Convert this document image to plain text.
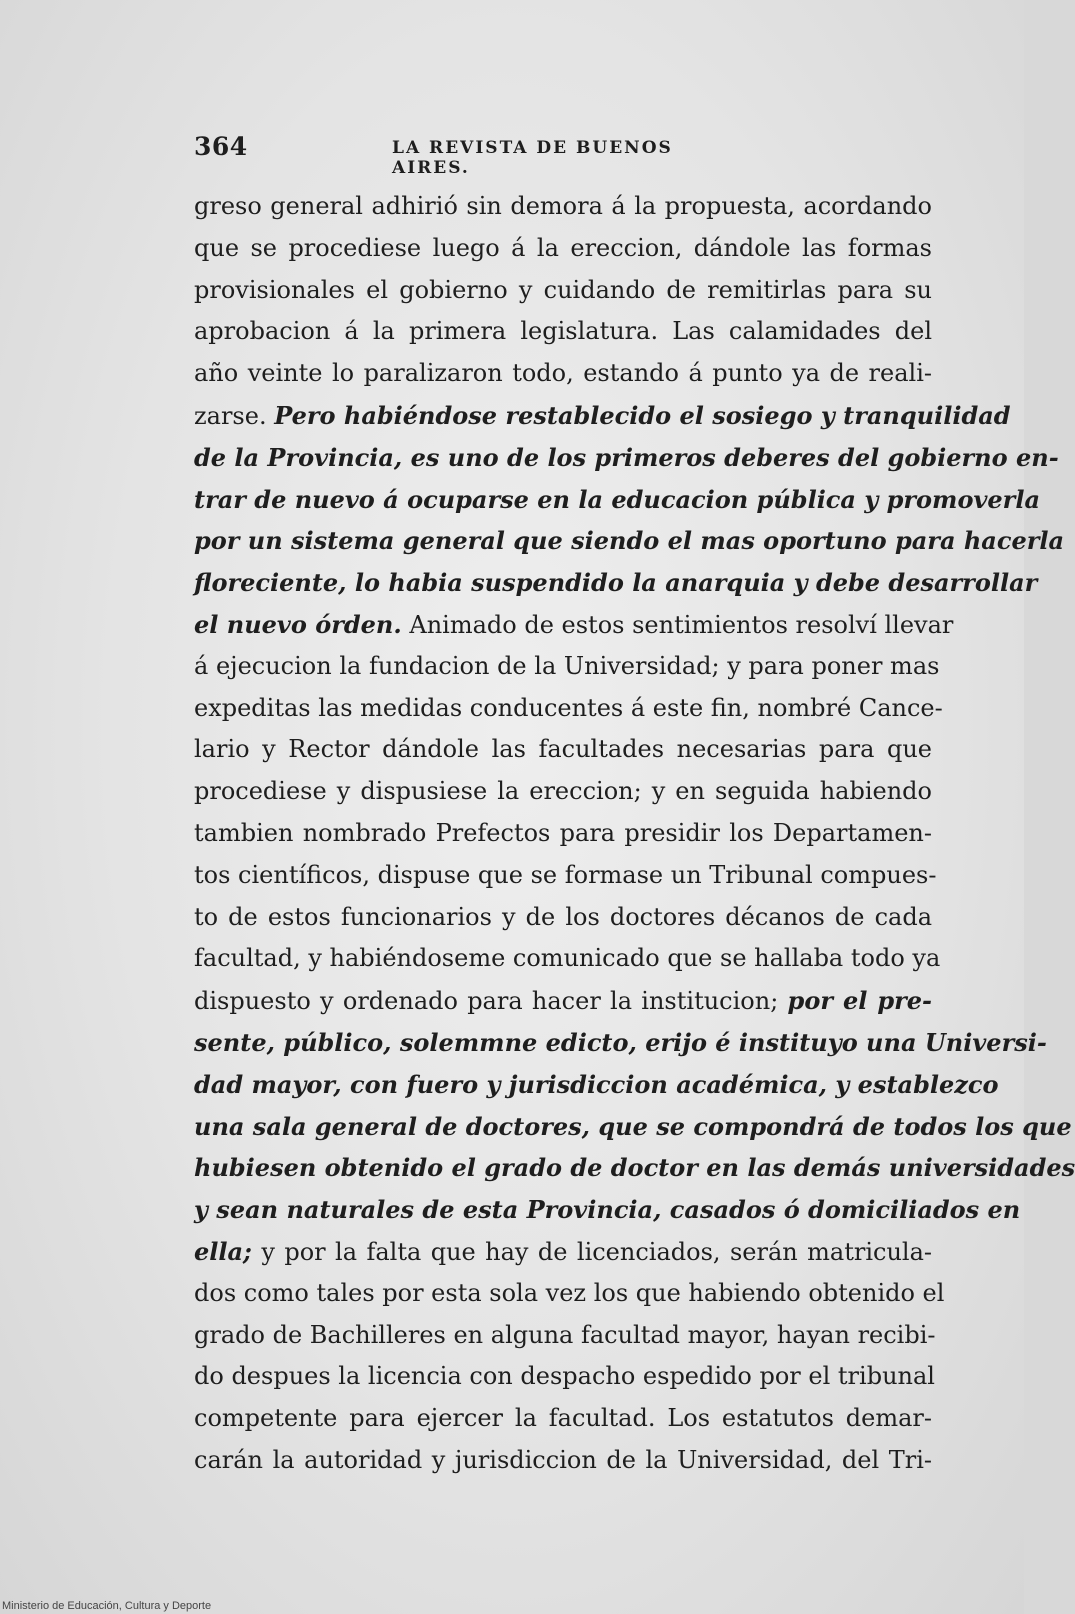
364	LA REVISTA DE BUENOS AIRES.
greso general adhirió sin demora á la propuesta, acordando
que se procediese luego á la ereccion, dándole las formas
provisionales el gobierno y cuidando de remitirlas para su
aprobacion á la primera legislatura. Las calamidades del
año veinte lo paralizaron todo, estando á punto ya de reali-
zarse. Pero habiéndose restablecido el sosiego y tranquilidad
de la Provincia, es uno de los primeros deberes del gobierno en-
trar de nuevo á ocuparse en la educacion pública y promoverla
por un sistema general que siendo el mas oportuno para hacerla
floreciente, lo habia suspendido la anarquia y debe desarrollar
el nuevo órden. Animado de estos sentimientos resolví llevar
á ejecucion la fundacion de la Universidad; y para poner mas
expeditas las medidas conducentes á este fin, nombré Cance-
lario y Rector dándole las facultades necesarias para que
procediese y dispusiese la ereccion; y en seguida habiendo
tambien nombrado Prefectos para presidir los Departamen-
tos científicos, dispuse que se formase un Tribunal compues-
to de estos funcionarios y de los doctores décanos de cada
facultad, y habiéndoseme comunicado que se hallaba todo ya
dispuesto y ordenado para hacer la institucion; por el pre-
sente, público, solemmne edicto, erijo é instituyo una Universi-
dad mayor, con fuero y jurisdiccion académica, y establezco
una sala general de doctores, que se compondrá de todos los que
hubiesen obtenido el grado de doctor en las demás universidades
y sean naturales de esta Provincia, casados ó domiciliados en
ella; y por la falta que hay de licenciados, serán matricula-
dos como tales por esta sola vez los que habiendo obtenido el
grado de Bachilleres en alguna facultad mayor, hayan recibi-
do despues la licencia con despacho espedido por el tribunal
competente para ejercer la facultad. Los estatutos demar-
carán la autoridad y jurisdiccion de la Universidad, del Tri-
Ministerio de Educación, Cultura y Deporte
